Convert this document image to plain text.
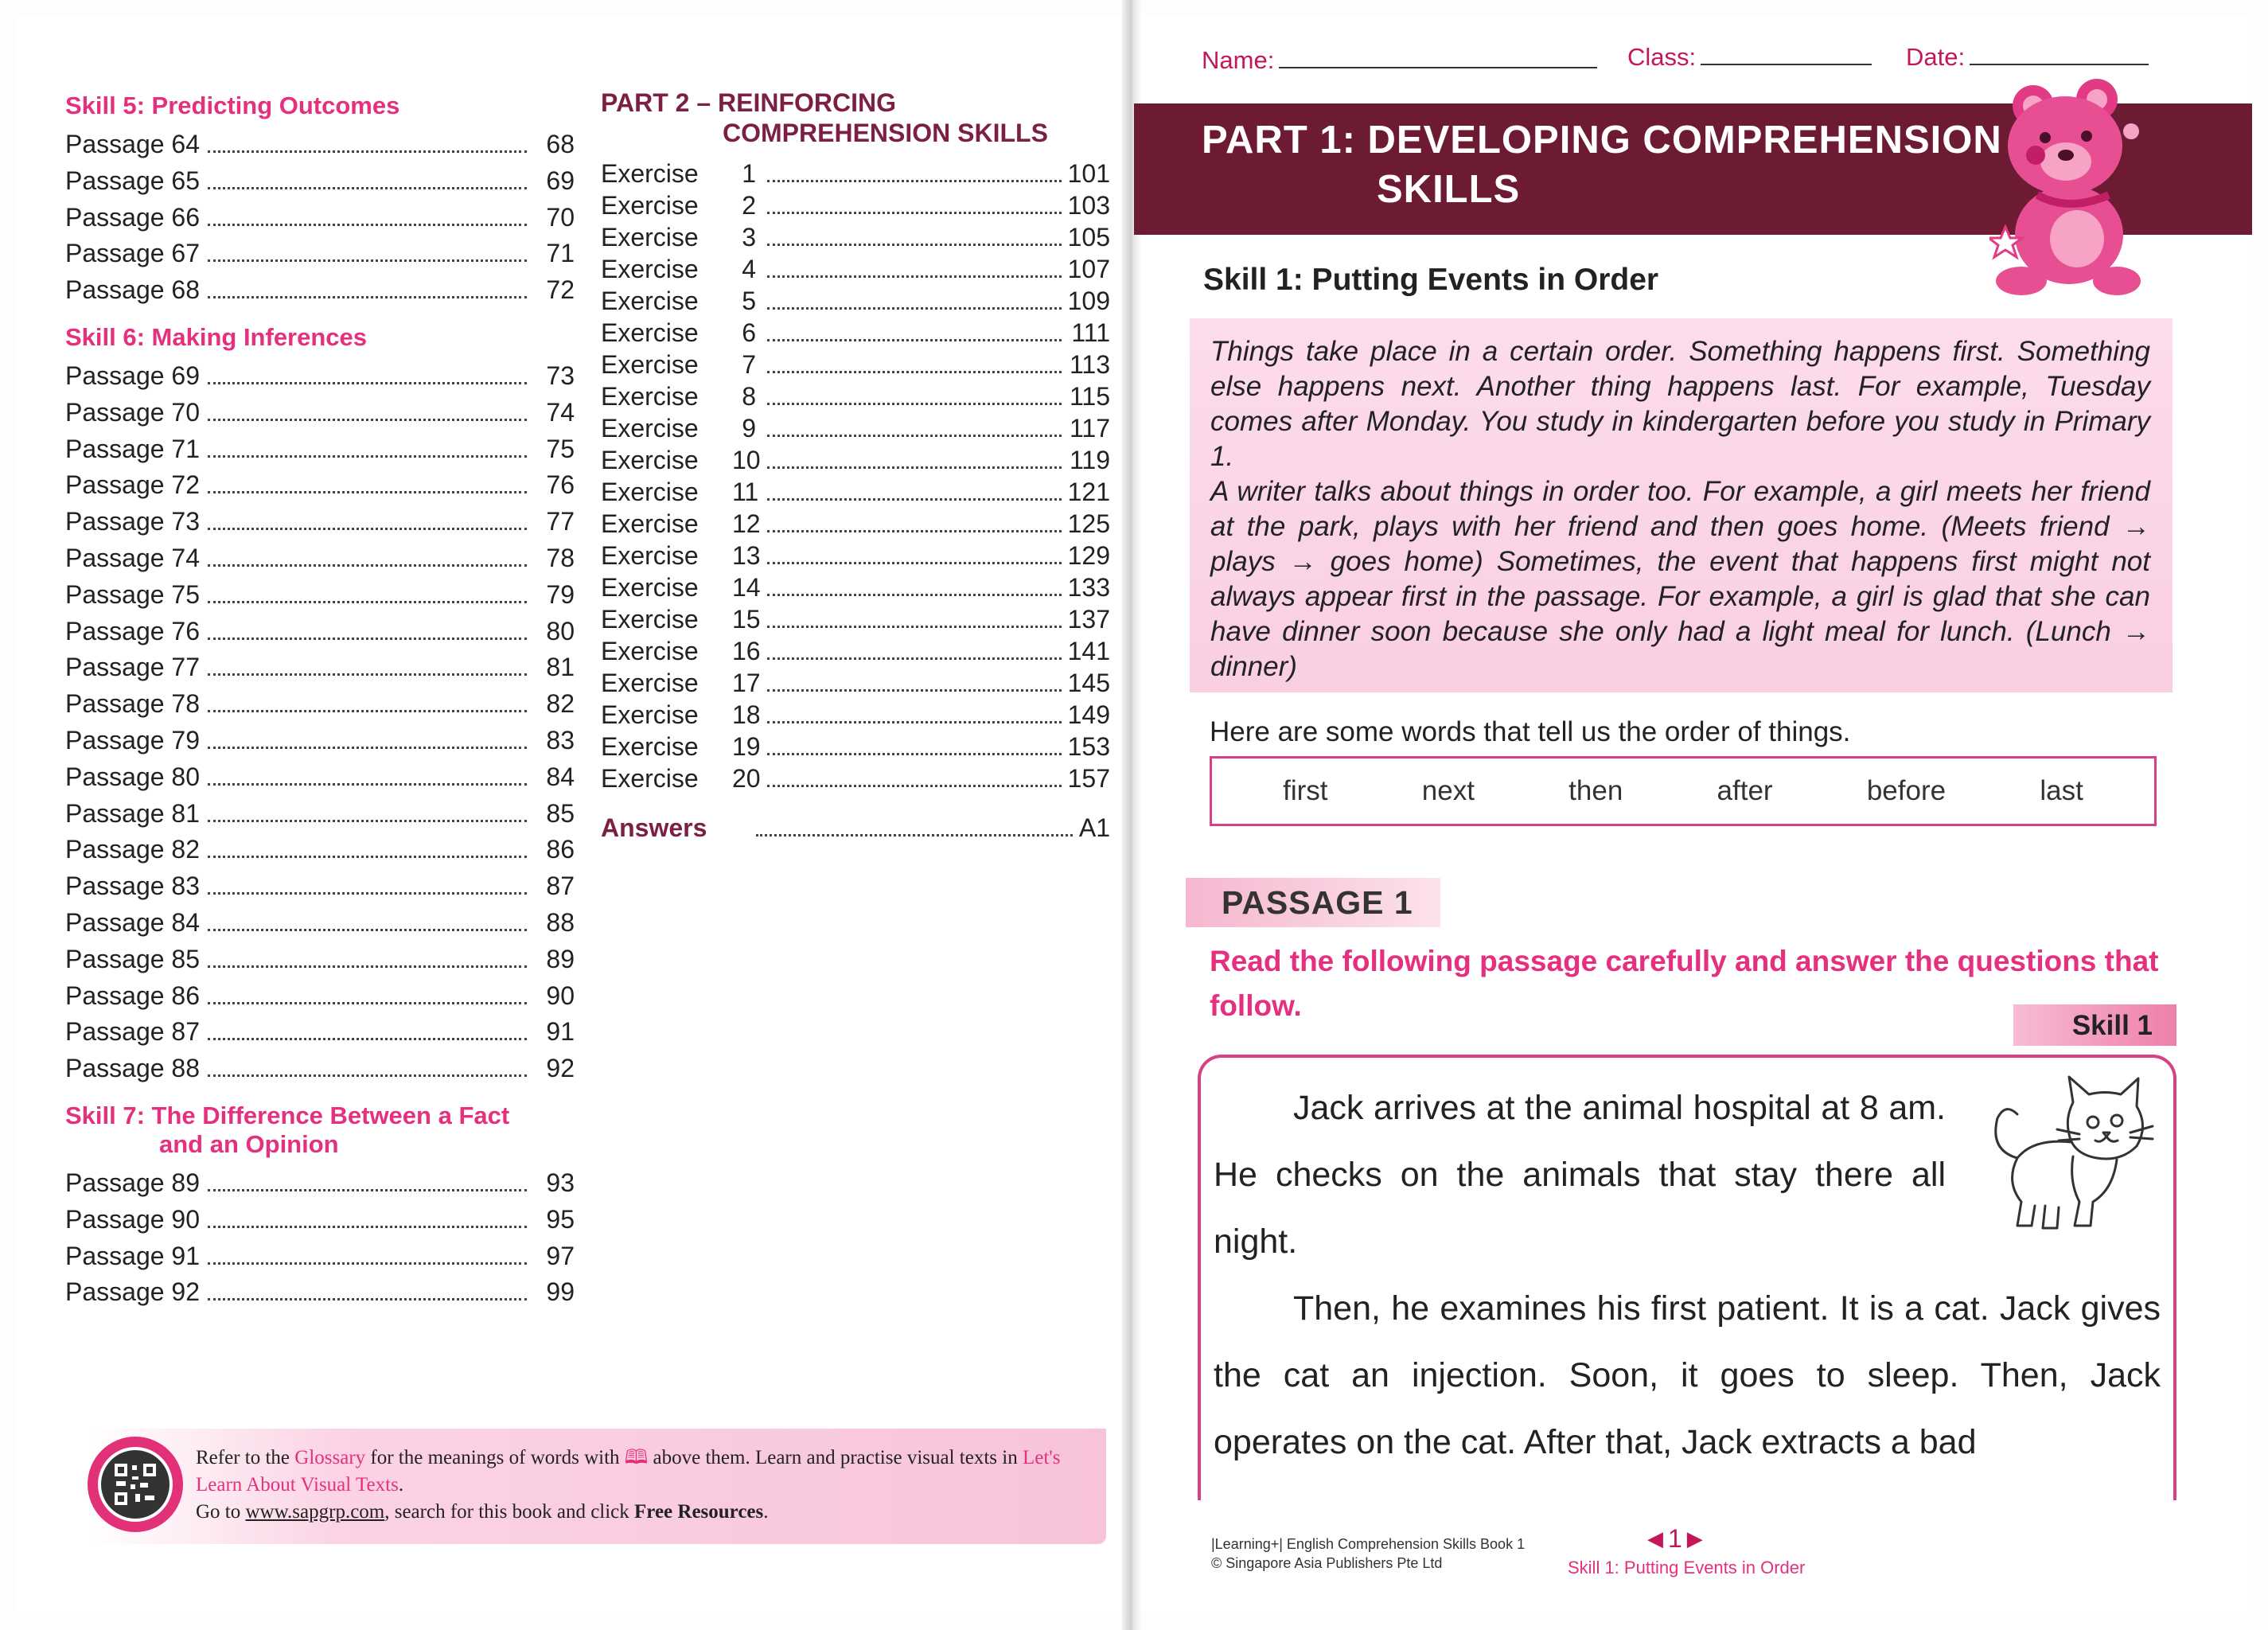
Skill 5: Predicting Outcomes
Passage 64	68
Passage 65	69
Passage 66	70
Passage 67	71
Passage 68	72
Skill 6: Making Inferences
Passage 69	73
Passage 70	74
Passage 71	75
Passage 72	76
Passage 73	77
Passage 74	78
Passage 75	79
Passage 76	80
Passage 77	81
Passage 78	82
Passage 79	83
Passage 80	84
Passage 81	85
Passage 82	86
Passage 83	87
Passage 84	88
Passage 85	89
Passage 86	90
Passage 87	91
Passage 88	92
Skill 7: The Difference Between a Fact
and an Opinion
Passage 89	93
Passage 90	95
Passage 91	97
Passage 92	99
PART 2 – REINFORCING
COMPREHENSION SKILLS
Exercise	1	101
Exercise	2	103
Exercise	3	105
Exercise	4	107
Exercise	5	109
Exercise	6	111
Exercise	7	113
Exercise	8	115
Exercise	9	117
Exercise	10	119
Exercise	11	121
Exercise	12	125
Exercise	13	129
Exercise	14	133
Exercise	15	137
Exercise	16	141
Exercise	17	145
Exercise	18	149
Exercise	19	153
Exercise	20	157
Answers	A1
Refer to the Glossary for the meanings of words with 🕮 above them. Learn and practise visual texts in Let's Learn About Visual Texts.
Go to www.sapgrp.com, search for this book and click Free Resources.
Name:	Class:	Date:
PART 1: DEVELOPING COMPREHENSION
SKILLS
Skill 1: Putting Events in Order

Things take place in a certain order. Something happens first. Something else happens next. Another thing happens last. For example, Tuesday comes after Monday. You study in kindergarten before you study in Primary 1.

A writer talks about things in order too. For example, a girl meets her friend at the park, plays with her friend and then goes home. (Meets friend → plays → goes home) Sometimes, the event that happens first might not always appear first in the passage. For example, a girl is glad that she can have dinner soon because she only had a light meal for lunch. (Lunch → dinner)

Here are some words that tell us the order of things.
first	next	then	after	before	last
PASSAGE 1
Read the following passage carefully and answer the questions that follow.
Skill 1
Jack arrives at the animal hospital at 8 am. He checks on the animals that stay there all night.
Then, he examines his first patient. It is a cat. Jack gives the cat an injection. Soon, it goes to sleep. Then, Jack operates on the cat. After that, Jack extracts a bad
|Learning+| English Comprehension Skills Book 1
© Singapore Asia Publishers Pte Ltd
◀ 1 ▶
Skill 1: Putting Events in Order
